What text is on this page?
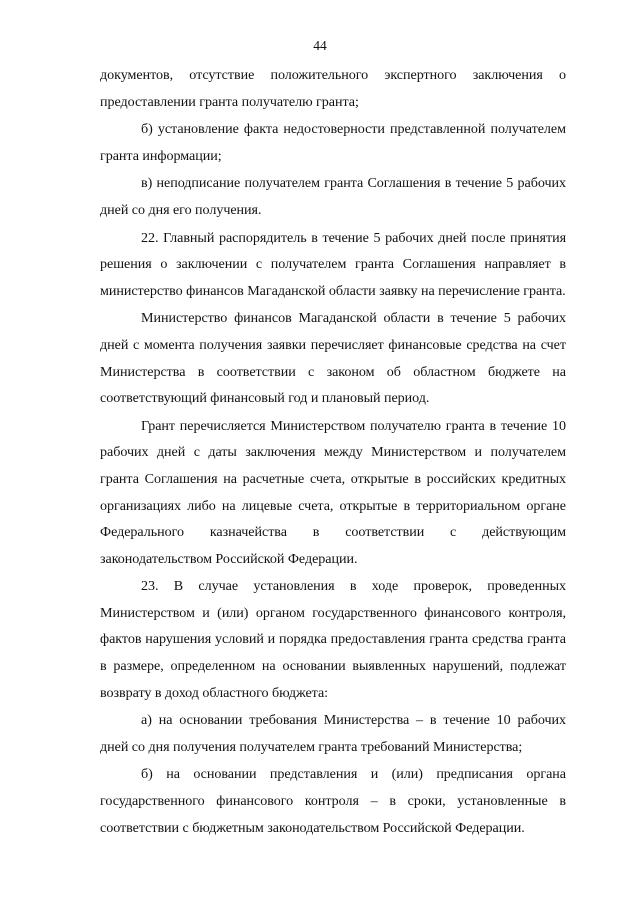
44

документов, отсутствие положительного экспертного заключения о предоставлении гранта получателю гранта;

б) установление факта недостоверности представленной получателем гранта информации;

в) неподписание получателем гранта Соглашения в течение 5 рабочих дней со дня его получения.

22. Главный распорядитель в течение 5 рабочих дней после принятия решения о заключении с получателем гранта Соглашения направляет в министерство финансов Магаданской области заявку на перечисление гранта.

Министерство финансов Магаданской области в течение 5 рабочих дней с момента получения заявки перечисляет финансовые средства на счет Министерства в соответствии с законом об областном бюджете на соответствующий финансовый год и плановый период.

Грант перечисляется Министерством получателю гранта в течение 10 рабочих дней с даты заключения между Министерством и получателем гранта Соглашения на расчетные счета, открытые в российских кредитных организациях либо на лицевые счета, открытые в территориальном органе Федерального казначейства в соответствии с действующим законодательством Российской Федерации.

23. В случае установления в ходе проверок, проведенных Министерством и (или) органом государственного финансового контроля, фактов нарушения условий и порядка предоставления гранта средства гранта в размере, определенном на основании выявленных нарушений, подлежат возврату в доход областного бюджета:

а) на основании требования Министерства – в течение 10 рабочих дней со дня получения получателем гранта требований Министерства;

б) на основании представления и (или) предписания органа государственного финансового контроля – в сроки, установленные в соответствии с бюджетным законодательством Российской Федерации.
